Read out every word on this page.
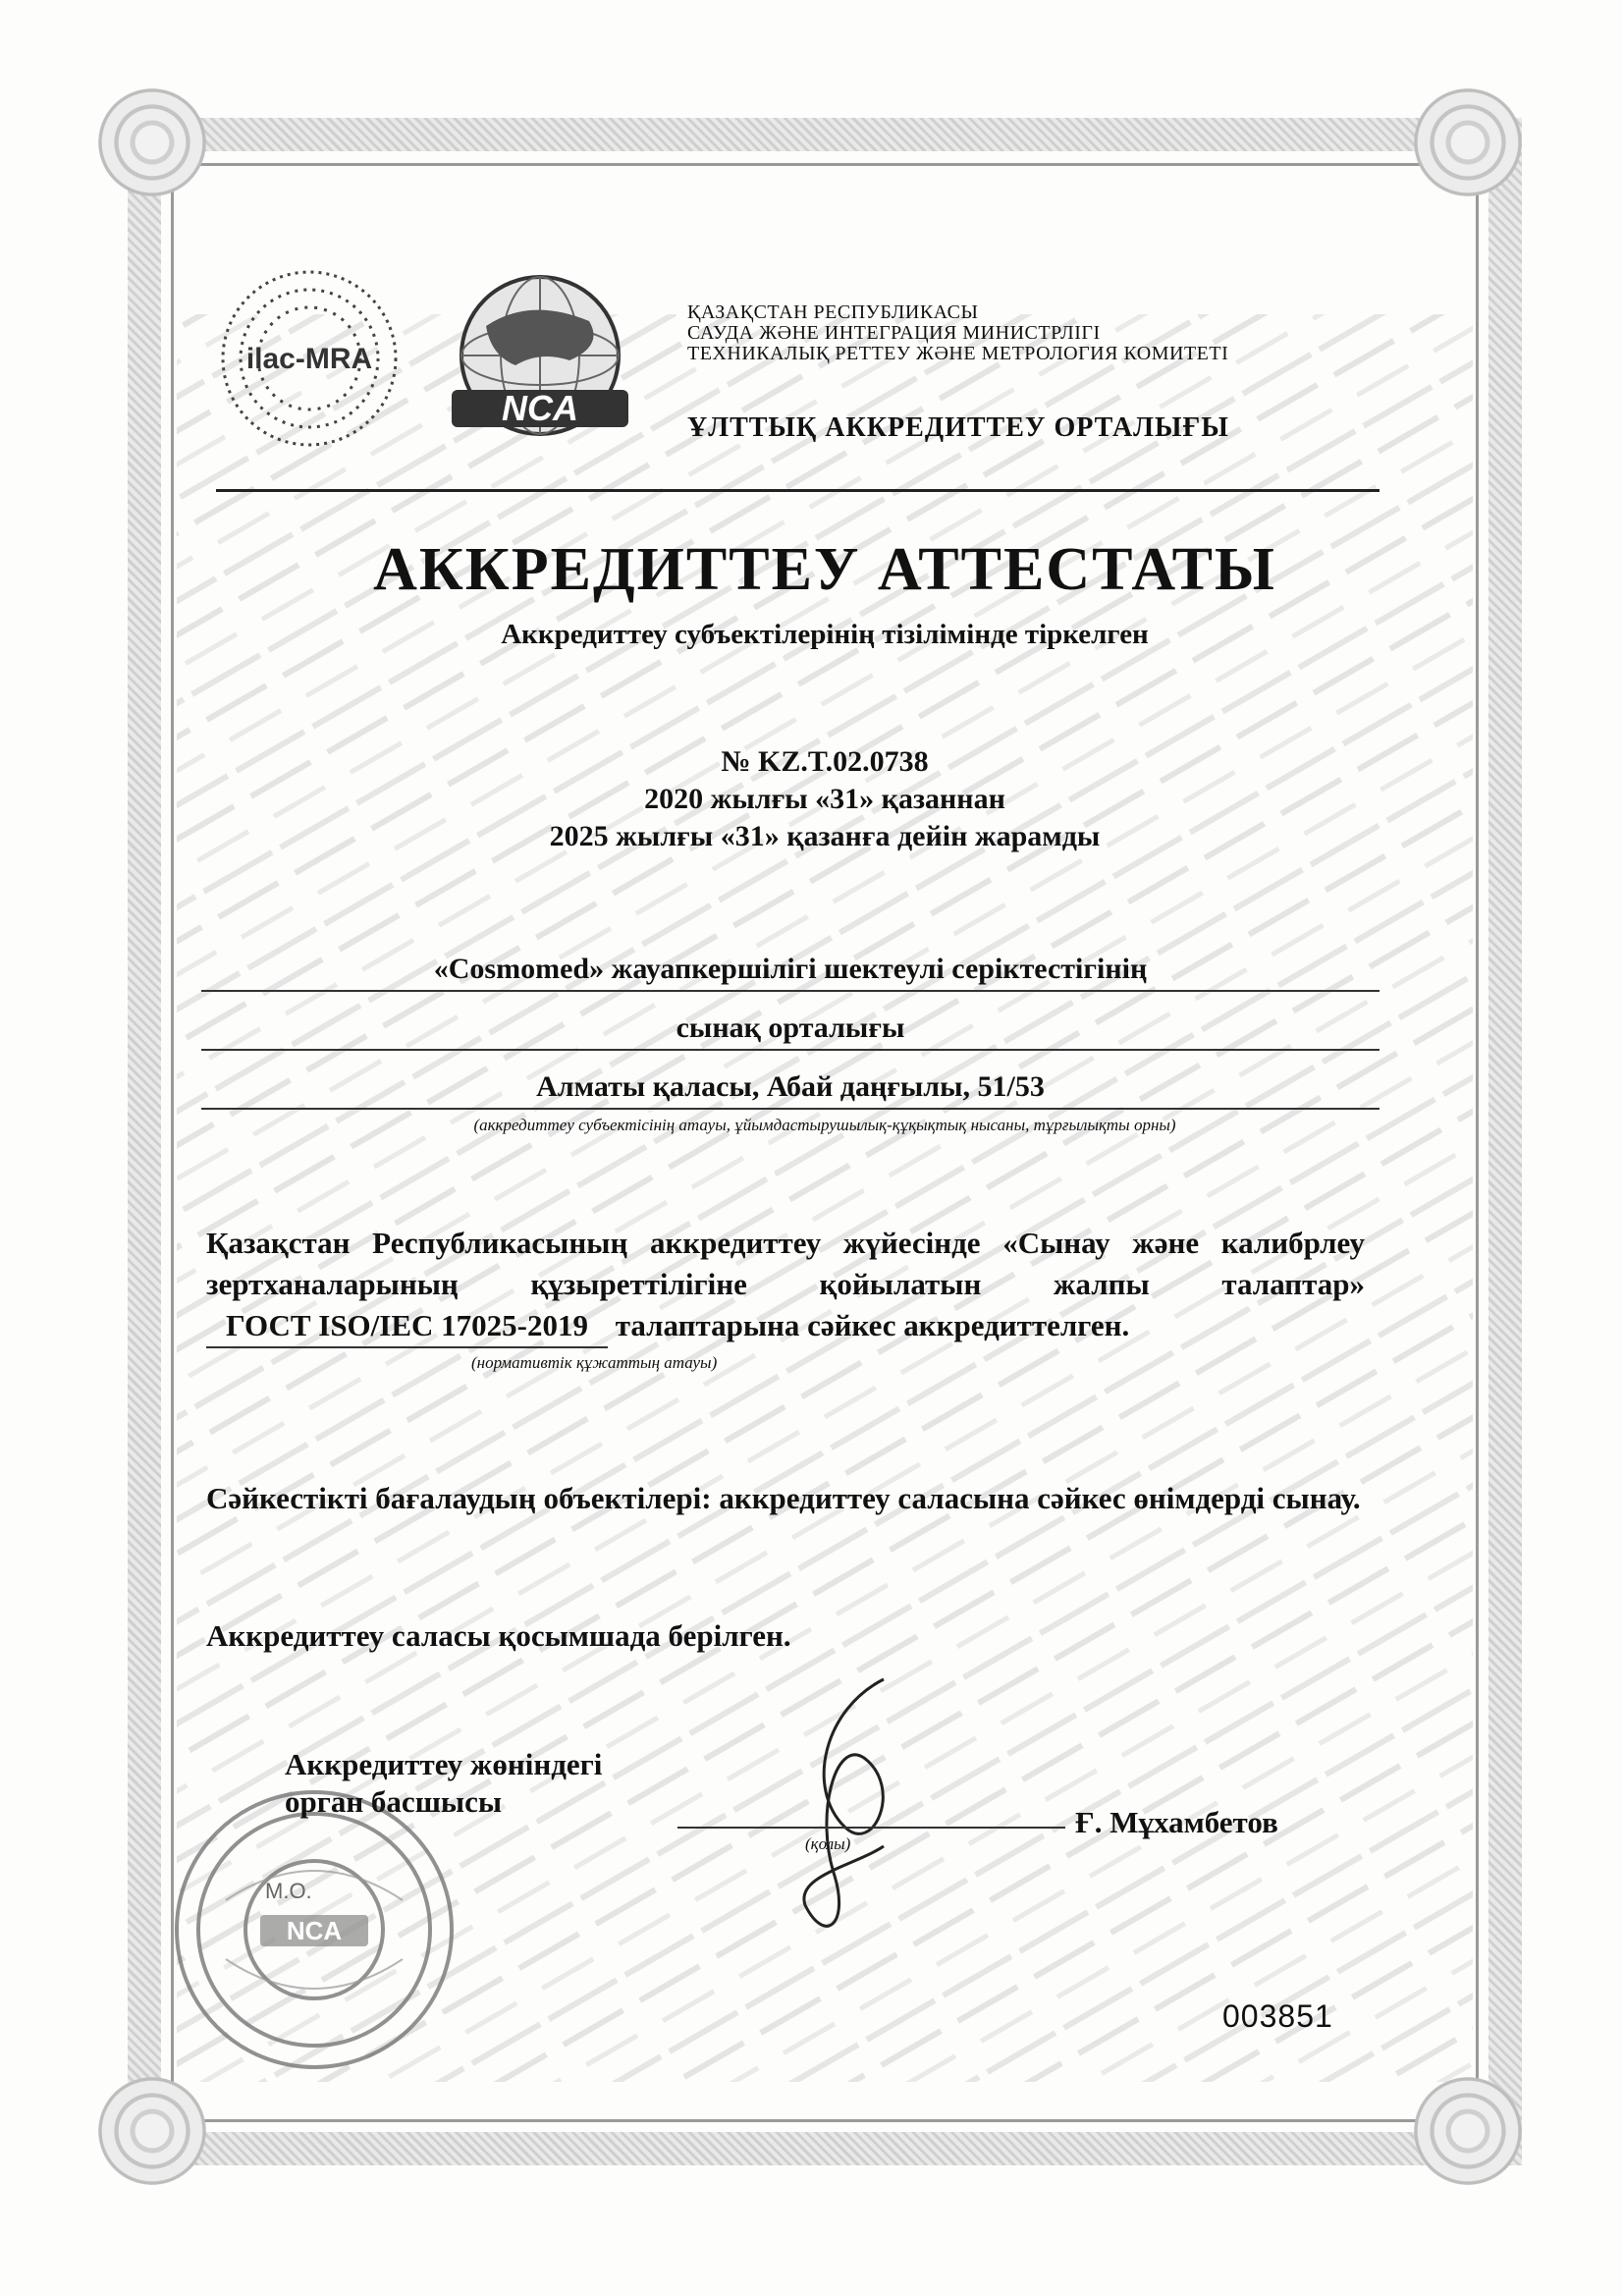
ilac-MRA
NCA
ҚАЗАҚСТАН РЕСПУБЛИКАСЫ
САУДА ЖӘНЕ ИНТЕГРАЦИЯ МИНИСТРЛІГІ
ТЕХНИКАЛЫҚ РЕТТЕУ ЖӘНЕ МЕТРОЛОГИЯ КОМИТЕТІ
ҰЛТТЫҚ АККРЕДИТТЕУ ОРТАЛЫҒЫ
АККРЕДИТТЕУ АТТЕСТАТЫ
Аккредиттеу субъектілерінің тізілімінде тіркелген
№ KZ.T.02.0738
2020 жылғы «31» қазаннан
2025 жылғы «31» қазанға дейін жарамды
«Cosmomed» жауапкершілігі шектеулі серіктестігінің
сынақ орталығы
Алматы қаласы, Абай даңғылы, 51/53
(аккредиттеу субъектісінің атауы, ұйымдастырушылық-құқықтық нысаны, тұрғылықты орны)
Қазақстан Республикасының аккредиттеу жүйесінде «Сынау және калибрлеу зертханаларының құзыреттілігіне қойылатын жалпы талаптар» ГОСТ ISO/IEC 17025-2019 талаптарына сәйкес аккредиттелген.
(нормативтік құжаттың атауы)
Сәйкестікті бағалаудың объектілері: аккредиттеу саласына сәйкес өнімдерді сынау.
Аккредиттеу саласы қосымшада берілген.
NCA
М.О.
Аккредиттеу жөніндегі
орган басшысы
(қолы)
Ғ. Мұхамбетов
003851
